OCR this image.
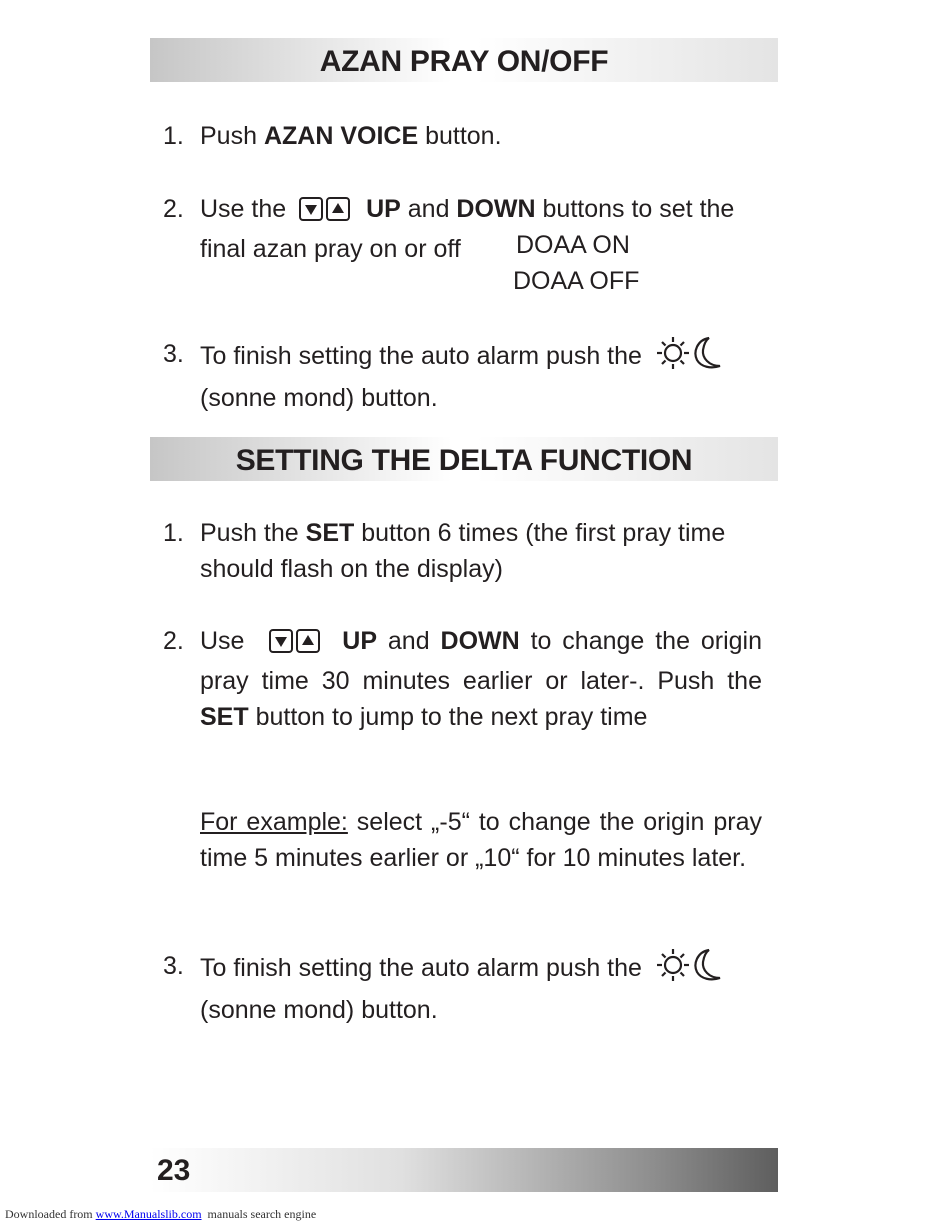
AZAN PRAY ON/OFF
1. Push AZAN VOICE button.
2. Use the	UP and DOWN buttons to set the
final azan pray on or off	DOAA ON
DOAA OFF
3. To finish setting the auto alarm push the
(sonne mond) button.
SETTING THE DELTA FUNCTION
1. Push the SET button 6 times (the first pray time
should flash on the display)
2. Use	UP and DOWN to change the origin pray time 30 minutes earlier or later-. Push the SET button to jump to the next pray time
For example: select „-5“ to change the origin pray time 5 minutes earlier or „10“ for 10 minutes later.
3. To finish setting the auto alarm push the
(sonne mond) button.
23
Downloaded from www.Manualslib.com  manuals search engine
